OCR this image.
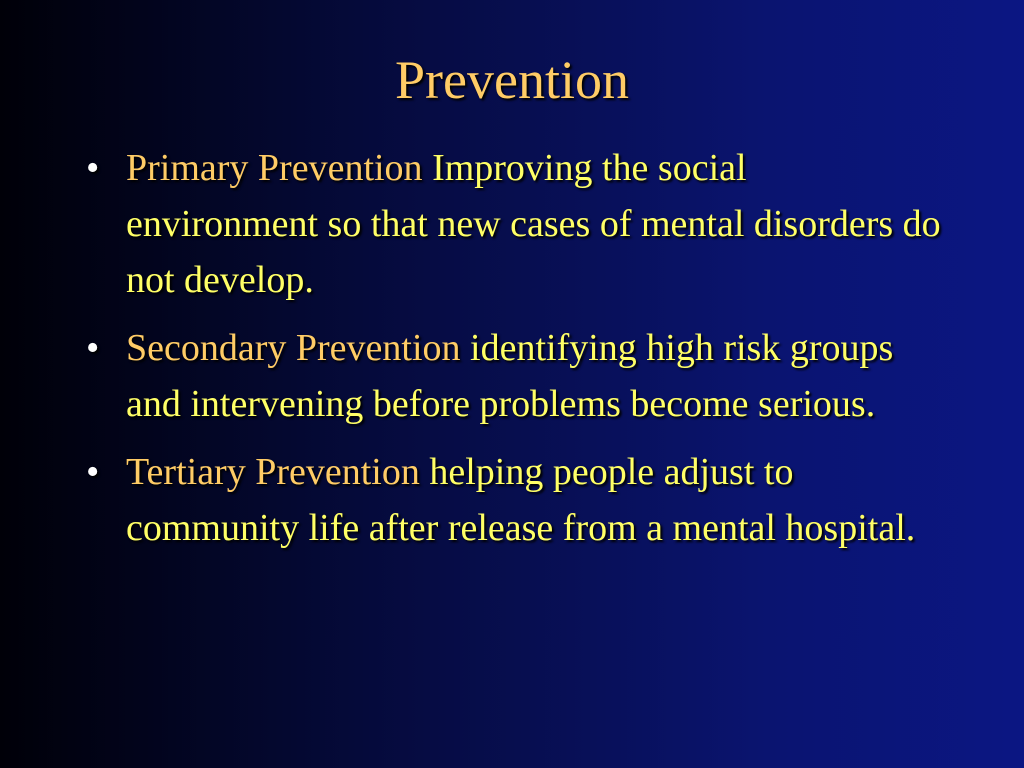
Prevention
• Primary Prevention Improving the social environment so that new cases of mental disorders do not develop.
• Secondary Prevention identifying high risk groups and intervening before problems become serious.
• Tertiary Prevention helping people adjust to community life after release from a mental hospital.
